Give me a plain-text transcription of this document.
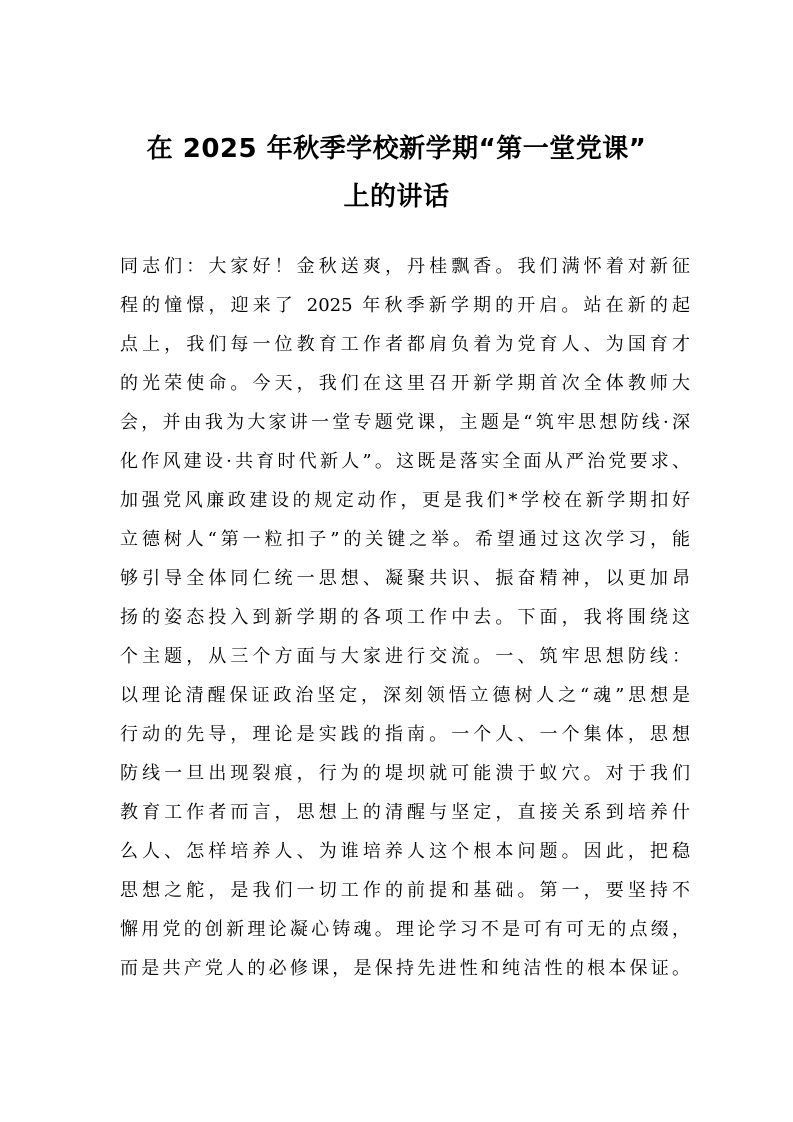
在 2025 年秋季学校新学期“第一堂党课”
上的讲话
同志们：大家好！金秋送爽，丹桂飘香。我们满怀着对新征
程的憧憬，迎来了 2025 年秋季新学期的开启。站在新的起
点上，我们每一位教育工作者都肩负着为党育人、为国育才
的光荣使命。今天，我们在这里召开新学期首次全体教师大
会，并由我为大家讲一堂专题党课，主题是“筑牢思想防线·深
化作风建设·共育时代新人”。这既是落实全面从严治党要求、
加强党风廉政建设的规定动作，更是我们*学校在新学期扣好
立德树人“第一粒扣子”的关键之举。希望通过这次学习，能
够引导全体同仁统一思想、凝聚共识、振奋精神，以更加昂
扬的姿态投入到新学期的各项工作中去。下面，我将围绕这
个主题，从三个方面与大家进行交流。一、筑牢思想防线：
以理论清醒保证政治坚定，深刻领悟立德树人之“魂”思想是
行动的先导，理论是实践的指南。一个人、一个集体，思想
防线一旦出现裂痕，行为的堤坝就可能溃于蚁穴。对于我们
教育工作者而言，思想上的清醒与坚定，直接关系到培养什
么人、怎样培养人、为谁培养人这个根本问题。因此，把稳
思想之舵，是我们一切工作的前提和基础。第一，要坚持不
懈用党的创新理论凝心铸魂。理论学习不是可有可无的点缀，
而是共产党人的必修课，是保持先进性和纯洁性的根本保证。
